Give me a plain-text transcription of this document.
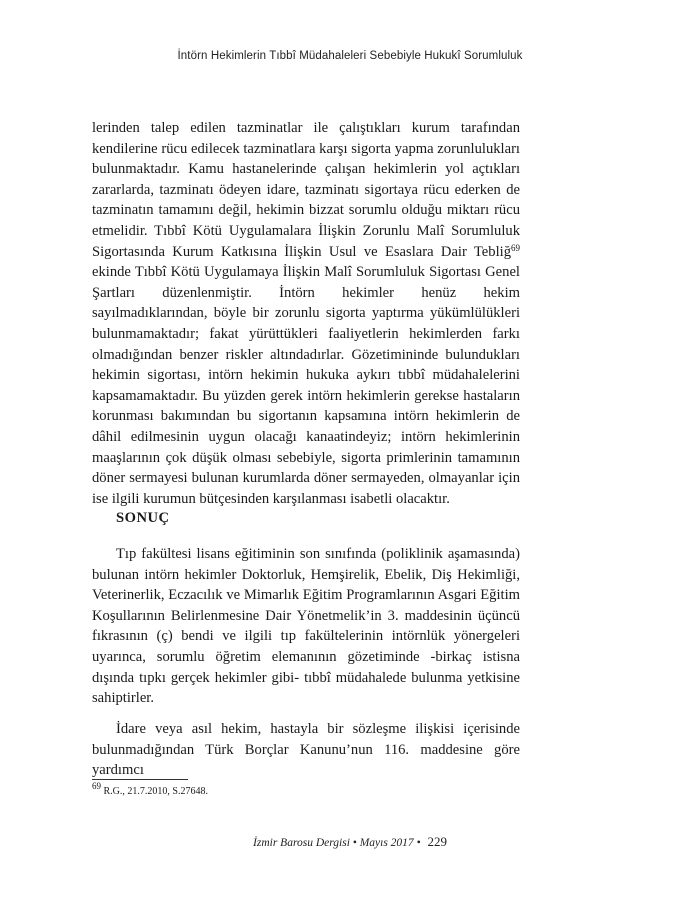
İntörn Hekimlerin Tıbbî Müdahaleleri Sebebiyle Hukukî Sorumluluk

lerinden talep edilen tazminatlar ile çalıştıkları kurum tarafından kendilerine rücu edilecek tazminatlara karşı sigorta yapma zorunlulukları bulunmaktadır. Kamu hastanelerinde çalışan hekimlerin yol açtıkları zararlarda, tazminatı ödeyen idare, tazminatı sigortaya rücu ederken de tazminatın tamamını değil, hekimin bizzat sorumlu olduğu miktarı rücu etmelidir. Tıbbî Kötü Uygulamalara İlişkin Zorunlu Malî Sorumluluk Sigortasında Kurum Katkısına İlişkin Usul ve Esaslara Dair Tebliğ$^{69}$ ekinde Tıbbî Kötü Uygulamaya İlişkin Malî Sorumluluk Sigortası Genel Şartları düzenlenmiştir. İntörn hekimler henüz hekim sayılmadıklarından, böyle bir zorunlu sigorta yaptırma yükümlülükleri bulunmamaktadır; fakat yürüttükleri faaliyetlerin hekimlerden farkı olmadığından benzer riskler altındadırlar. Gözetimininde bulundukları hekimin sigortası, intörn hekimin hukuka aykırı tıbbî müdahalelerini kapsamamaktadır. Bu yüzden gerek intörn hekimlerin gerekse hastaların korunması bakımından bu sigortanın kapsamına intörn hekimlerin de dâhil edilmesinin uygun olacağı kanaatindeyiz; intörn hekimlerinin maaşlarının çok düşük olması sebebiyle, sigorta primlerinin tamamının döner sermayesi bulunan kurumlarda döner sermayeden, olmayanlar için ise ilgili kurumun bütçesinden karşılanması isabetli olacaktır.

SONUÇ

Tıp fakültesi lisans eğitiminin son sınıfında (poliklinik aşamasında) bulunan intörn hekimler Doktorluk, Hemşirelik, Ebelik, Diş Hekimliği, Veterinerlik, Eczacılık ve Mimarlık Eğitim Programlarının Asgari Eğitim Koşullarının Belirlenmesine Dair Yönetmelik’in 3. maddesinin üçüncü fıkrasının (ç) bendi ve ilgili tıp fakültelerinin intörnlük yönergeleri uyarınca, sorumlu öğretim elemanının gözetiminde -birkaç istisna dışında tıpkı gerçek hekimler gibi- tıbbî müdahalede bulunma yetkisine sahiptirler.

İdare veya asıl hekim, hastayla bir sözleşme ilişkisi içerisinde bulunmadığından Türk Borçlar Kanunu’nun 116. maddesine göre yardımcı

$^{69}$ R.G., 21.7.2010, S.27648.
İzmir Barosu Dergisi • Mayıs 2017 • 229
